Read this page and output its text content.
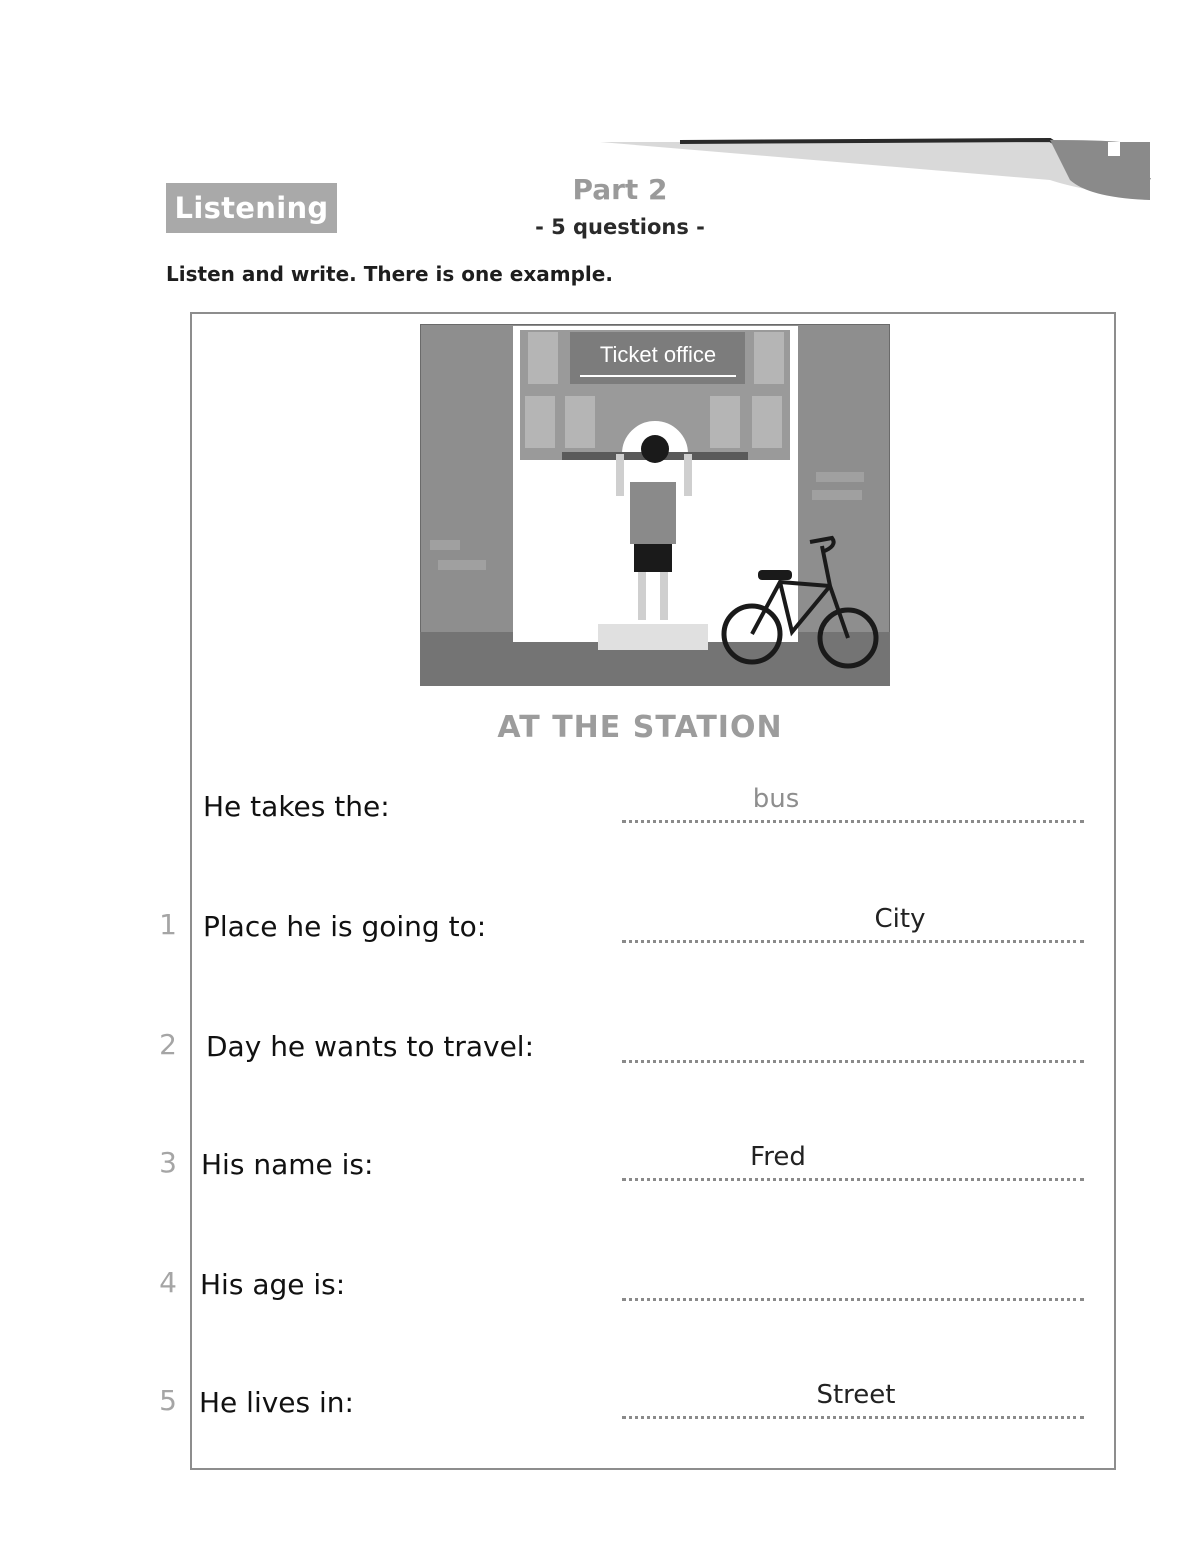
Listening
Part 2
- 5 questions -
Listen and write. There is one example.
Ticket office
AT THE STATION
He takes the:	bus
1 Place he is going to:	City
2 Day he wants to travel:
3 His name is:	Fred
4 His age is:
5 He lives in:	Street
